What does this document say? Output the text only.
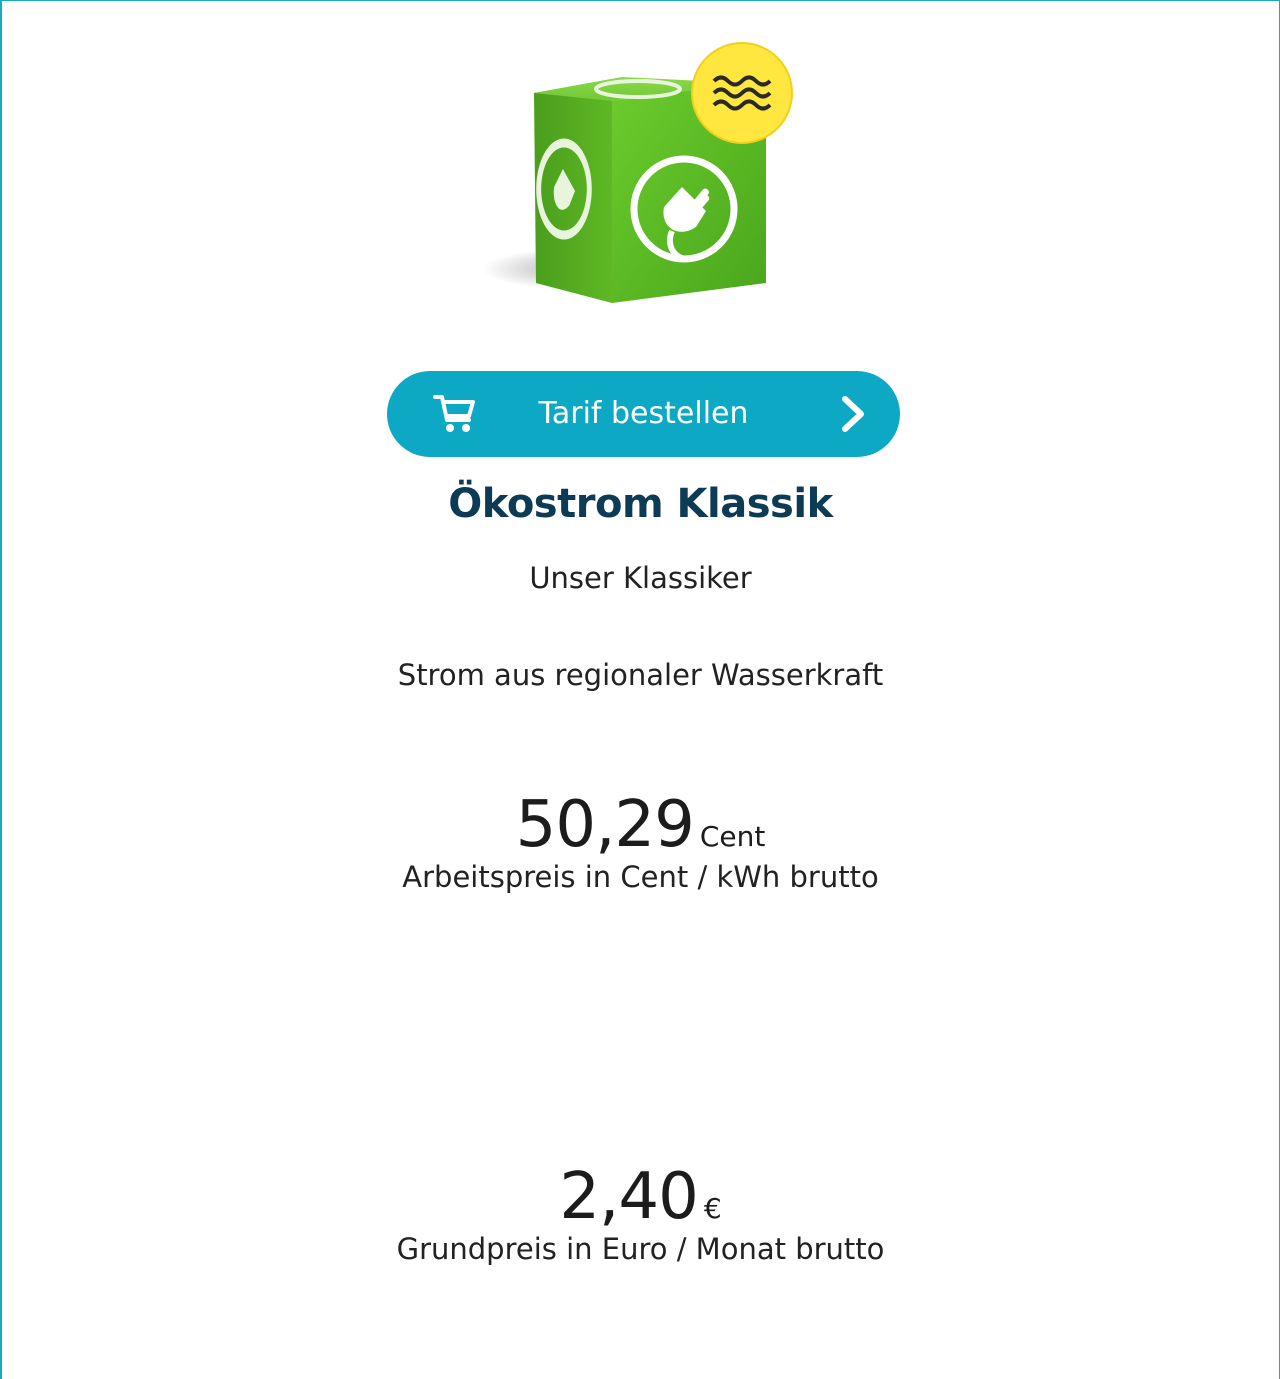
Tarif bestellen
Ökostrom Klassik
Unser Klassiker
Strom aus regionaler Wasserkraft
50,29 Cent
Arbeitspreis in Cent / kWh brutto
2,40 €
Grundpreis in Euro / Monat brutto
